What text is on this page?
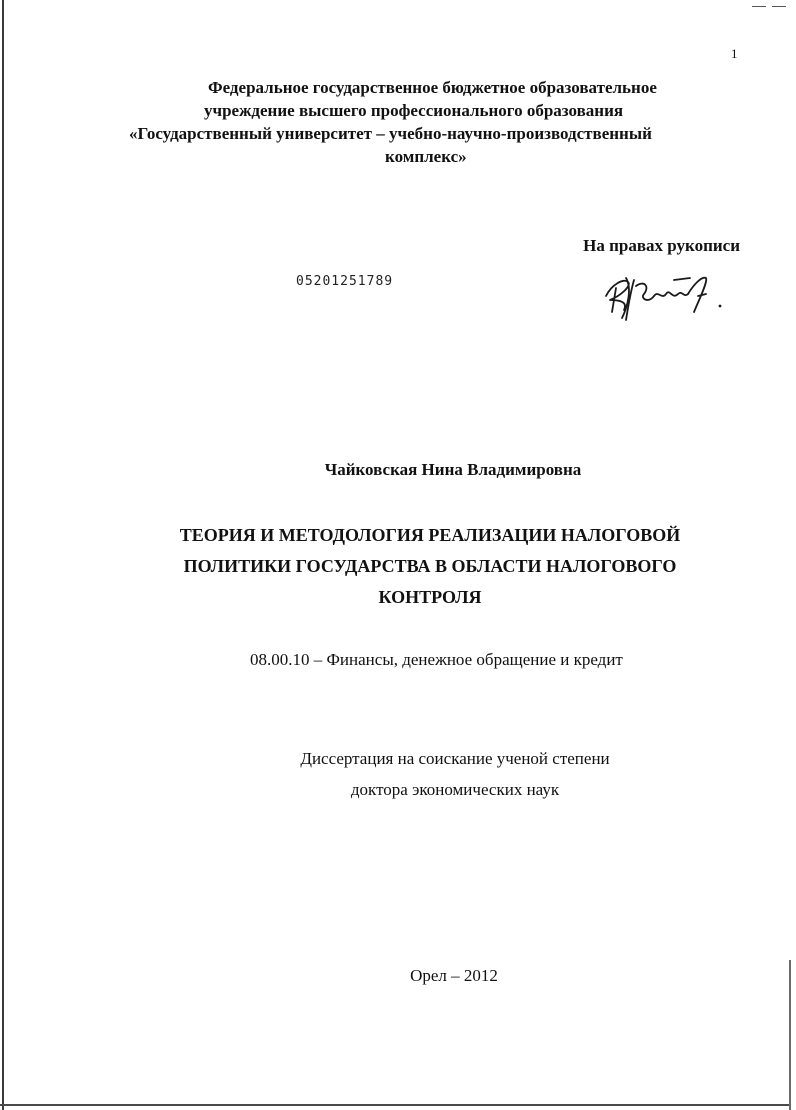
1
Федеральное государственное бюджетное образовательное
учреждение высшего профессионального образования
«Государственный университет – учебно-научно-производственный
комплекс»
На правах рукописи
05201251789
Чайковская Нина Владимировна
ТЕОРИЯ И МЕТОДОЛОГИЯ РЕАЛИЗАЦИИ НАЛОГОВОЙ
ПОЛИТИКИ ГОСУДАРСТВА В ОБЛАСТИ НАЛОГОВОГО
КОНТРОЛЯ
08.00.10 – Финансы, денежное обращение и кредит
Диссертация на соискание ученой степени
доктора экономических наук
Орел – 2012
